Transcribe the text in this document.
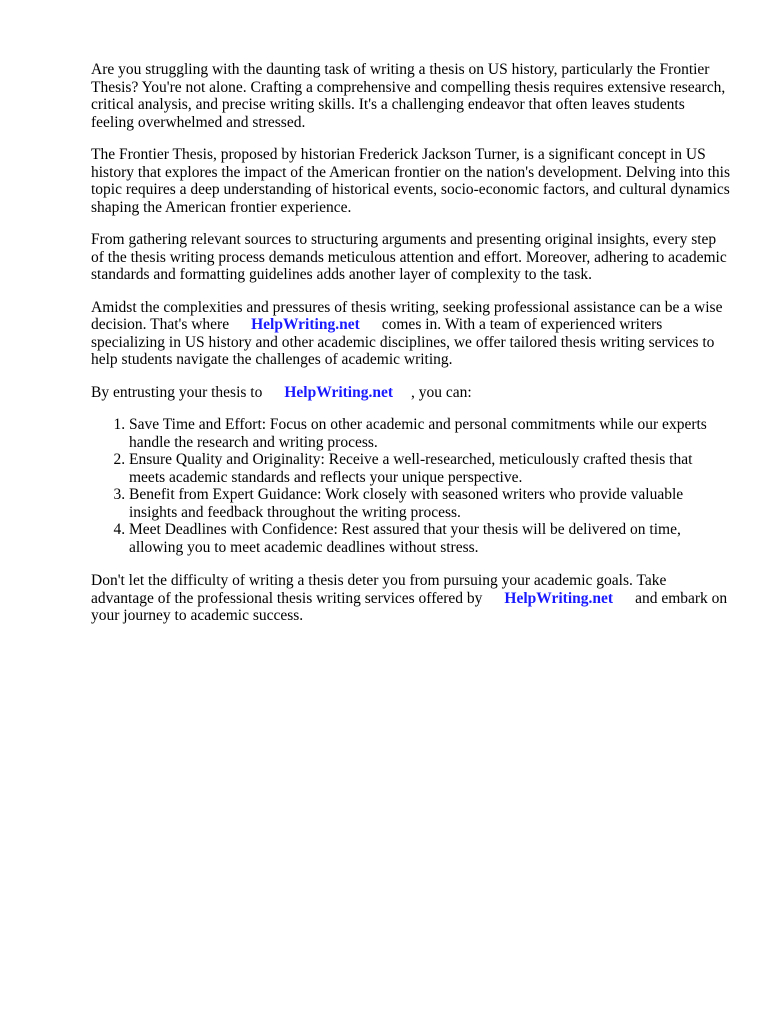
Are you struggling with the daunting task of writing a thesis on US history, particularly the Frontier Thesis? You're not alone. Crafting a comprehensive and compelling thesis requires extensive research, critical analysis, and precise writing skills. It's a challenging endeavor that often leaves students feeling overwhelmed and stressed.

The Frontier Thesis, proposed by historian Frederick Jackson Turner, is a significant concept in US history that explores the impact of the American frontier on the nation's development. Delving into this topic requires a deep understanding of historical events, socio-economic factors, and cultural dynamics shaping the American frontier experience.

From gathering relevant sources to structuring arguments and presenting original insights, every step of the thesis writing process demands meticulous attention and effort. Moreover, adhering to academic standards and formatting guidelines adds another layer of complexity to the task.

Amidst the complexities and pressures of thesis writing, seeking professional assistance can be a wise decision. That's where HelpWriting.net comes in. With a team of experienced writers specializing in US history and other academic disciplines, we offer tailored thesis writing services to help students navigate the challenges of academic writing.

By entrusting your thesis to HelpWriting.net , you can:

1. Save Time and Effort: Focus on other academic and personal commitments while our experts handle the research and writing process.
2. Ensure Quality and Originality: Receive a well-researched, meticulously crafted thesis that meets academic standards and reflects your unique perspective.
3. Benefit from Expert Guidance: Work closely with seasoned writers who provide valuable insights and feedback throughout the writing process.
4. Meet Deadlines with Confidence: Rest assured that your thesis will be delivered on time, allowing you to meet academic deadlines without stress.

Don't let the difficulty of writing a thesis deter you from pursuing your academic goals. Take advantage of the professional thesis writing services offered by HelpWriting.net and embark on your journey to academic success.
